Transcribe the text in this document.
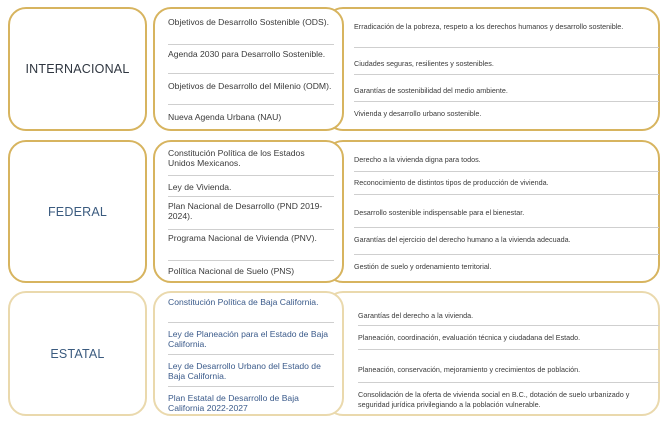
INTERNACIONAL
Erradicación de la pobreza, respeto a los derechos humanos y desarrollo sostenible.
Ciudades seguras, resilientes y sostenibles.
Garantías de sostenibilidad del medio ambiente.
Vivienda y desarrollo urbano sostenible.
Objetivos de Desarrollo Sostenible (ODS).
Agenda 2030 para Desarrollo Sostenible.
Objetivos de Desarrollo del Milenio (ODM).
Nueva Agenda Urbana (NAU)
FEDERAL
Derecho a la vivienda digna para todos.
Reconocimiento de distintos tipos de producción de vivienda.
Desarrollo sostenible indispensable para el bienestar.
Garantías del ejercicio del derecho humano a la vivienda adecuada.
Gestión de suelo y ordenamiento territorial.
Constitución Política de los Estados Unidos Mexicanos.
Ley de Vivienda.
Plan Nacional de Desarrollo (PND 2019-2024).
Programa Nacional de Vivienda (PNV).
Política Nacional de Suelo (PNS)
ESTATAL
Garantías del derecho a la vivienda.
Planeación, coordinación, evaluación técnica y ciudadana del Estado.
Planeación, conservación, mejoramiento y crecimientos de población.
Consolidación de la oferta de vivienda social en B.C., dotación de suelo urbanizado y seguridad jurídica privilegiando a la población vulnerable.
Constitución Política de Baja California.
Ley de Planeación para el Estado de Baja California.
Ley de Desarrollo Urbano del Estado de Baja California.
Plan Estatal de Desarrollo de Baja California 2022-2027
